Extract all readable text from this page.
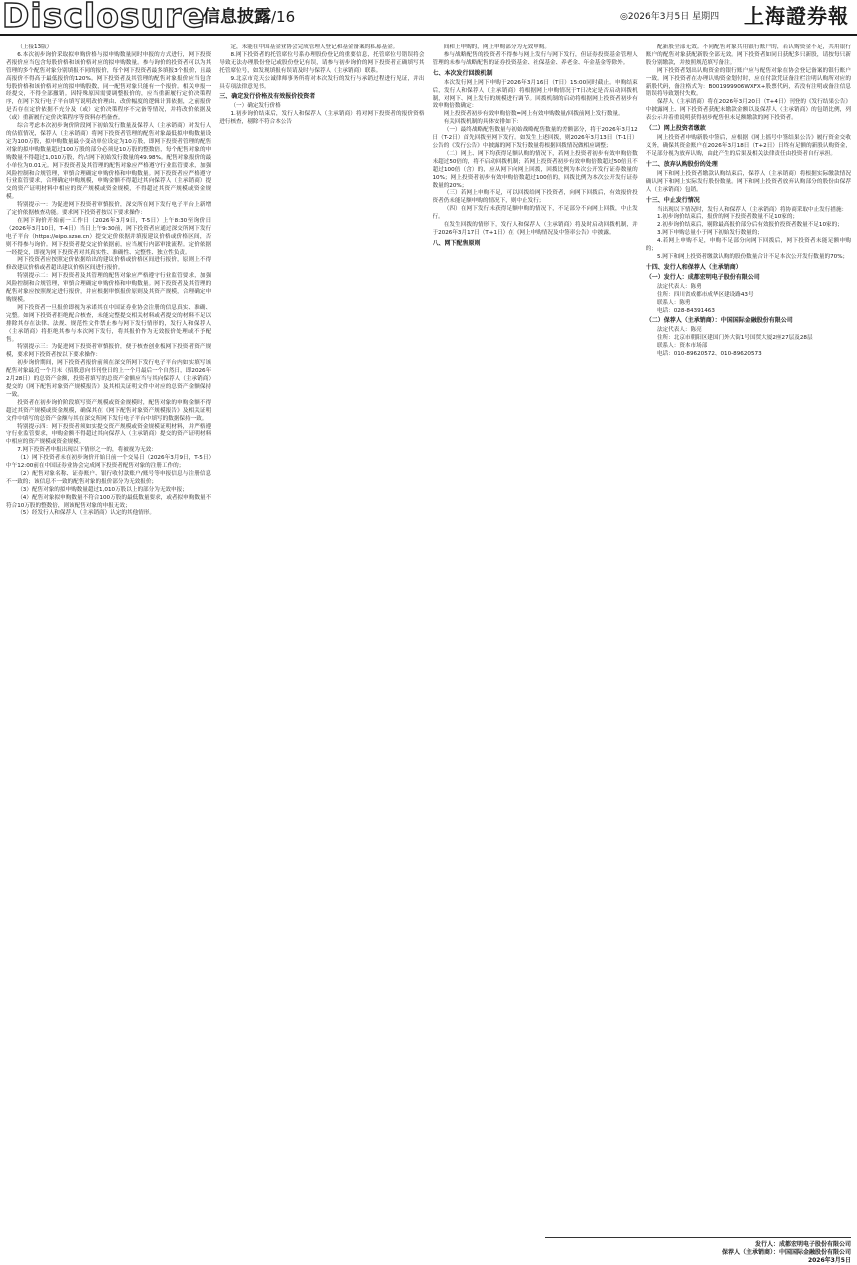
Disclosure
信息披露/16	◎2026年3月5日 星期四 上海證券報

（上接13版）

6.本次初步询价采取拟申购价格与拟申购数量同时申报的方式进行，网下投资者报价应当包含每股价格和该价格对应的拟申购数量。参与询价的投资者可以为其管理的多个配售对象分别填报不同的报价，每个网下投资者最多填报3个报价，且最高报价不得高于最低报价的120%。网下投资者及其管理的配售对象报价应当包含每股价格和该价格对应的拟申购股数，同一配售对象只能有一个报价。相关申报一经提交，不得全部撤销。因特殊原因需要调整报价的，应当重新履行定价决策程序，在网下发行电子平台填写说明改价理由、改价幅度的逻辑计算依据，之前报价是否存在定价依据不充分及（或）定价决策程序不完备等情况，并将改价依据及（或）重新履行定价决策程序等资料存档备查。

综合考虑本次初步询价阶段网下初始发行数量及保荐人（主承销商）对发行人的估值情况，保荐人（主承销商）将网下投资者管理的配售对象最低拟申购数量设定为100万股，拟申购数量最小变动单位设定为10万股，即网下投资者管理的配售对象的拟申购数量超过100万股的部分必须是10万股的整数倍，每个配售对象的申购数量不得超过1,010万股，约占网下初始发行数量的49.98%。配售对象报价的最小单位为0.01元。网下投资者及其管理的配售对象应严格遵守行业监管要求，加强风险控制和合规管理，审慎合理确定申购价格和申购数量。网下投资者应严格遵守行业监管要求，合理确定申购规模，申购金额不得超过其向保荐人（主承销商）提交的资产证明材料中相应的资产规模或资金规模，不得超过其资产规模或资金规模。

特别提示一：为促进网下投资者审慎报价，深交所在网下发行电子平台上新增了定价依据核查功能。要求网下投资者按以下要求操作：

在网下询价开始前一工作日（2026年3月9日，T-5日）上午8:30至询价日（2026年3月10日，T-4日）当日上午9:30前，网下投资者应通过深交所网下发行电子平台（https://eipo.szse.cn）提交定价依据并填报建议价格或价格区间，否则不得参与询价。网下投资者提交定价依据前，应当履行内部审批流程。定价依据一经提交，即视为网下投资者对其真实性、准确性、完整性、独立性负责。

网下投资者应按照定价依据给出的建议价格或价格区间进行报价，原则上不得修改建议价格或者超出建议价格区间进行报价。

特别提示二：网下投资者及其管理的配售对象应严格遵守行业监管要求，加强风险控制和合规管理，审慎合理确定申购价格和申购数量。网下投资者及其管理的配售对象应按照规定进行报价，并应根据审慎报价原则及其资产规模，合理确定申购规模。

网下投资者一旦报价即视为承诺其在中国证券业协会注册的信息真实、准确、完整。如网下投资者拒绝配合核查，未能完整提交相关材料或者提交的材料不足以排除其存在法律、法规、规范性文件禁止参与网下发行情形的，发行人和保荐人（主承销商）将拒绝其参与本次网下发行，将其报价作为无效报价处理或不予配售。

特别提示三：为促进网下投资者审慎报价，便于核查创业板网下投资者资产规模，要求网下投资者按以下要求操作：

初步询价期间，网下投资者报价前须在深交所网下发行电子平台内如实填写该配售对象最近一个月末（招股意向书刊登日的上一个月最后一个自然日，即2026年2月28日）的总资产金额，投资者填写的总资产金额应当与其向保荐人（主承销商）提交的《网下配售对象资产规模报告》及其相关证明文件中对应的总资产金额保持一致。

投资者在初步询价阶段填写资产规模或资金规模时，配售对象的申购金额不得超过其资产规模或资金规模，确保其在《网下配售对象资产规模报告》及相关证明文件中填写的总资产金额与其在深交所网下发行电子平台中填写的数据保持一致。

特别提示四：网下投资者须如实提交资产规模或资金规模证明材料，并严格遵守行业监管要求，申购金额不得超过其向保荐人（主承销商）提交的资产证明材料中相应的资产规模或资金规模。

7.网下投资者申报出现以下情形之一的，将被视为无效：

（1）网下投资者未在初步询价开始日前一个交易日（2026年3月9日，T-5日）中午12:00前在中国证券业协会完成网下投资者配售对象的注册工作的；

（2）配售对象名称、证券账户、银行收付款账户/账号等申报信息与注册信息不一致的；该信息不一致的配售对象的报价部分为无效报价；

（3）配售对象的拟申购数量超过1,010万股以上的部分为无效申报；

（4）配售对象拟申购数量不符合100万股的最低数量要求，或者拟申购数量不符合10万股的整数倍，则该配售对象的申报无效；

（5）经发行人和保荐人（主承销商）认定的其他情形。

定，未能在中国基金业协会完成管理人登记和基金备案的私募基金。

8.网下投资者的托管席位号系办理股份登记的重要信息，托管席位号错误将会导致无法办理股份登记或股份登记有误，请参与初步询价的网下投资者正确填写其托管席位号，如发现填报有误请及时与保荐人（主承销商）联系。

9.北京市竞天公诚律师事务所将对本次发行的发行与承销过程进行见证，并出具专项法律意见书。

三、确定发行价格及有效报价投资者

（一）确定发行价格

1.初步询价结束后，发行人和保荐人（主承销商）将对网下投资者的报价资格进行核查，剔除不符合本公告

间和上申购的，网上申购部分为无效申购。

参与战略配售的投资者不得参与网上发行与网下发行，但证券投资基金管理人管理的未参与战略配售的证券投资基金、社保基金、养老金、年金基金等除外。

七、本次发行回拨机制

本次发行网上网下申购于2026年3月16日（T日）15:00同时截止。申购结束后，发行人和保荐人（主承销商）将根据网上申购情况于T日决定是否启动回拨机制，对网下、网上发行的规模进行调节。回拨机制的启动将根据网上投资者初步有效申购倍数确定：

网上投资者初步有效申购倍数=网上有效申购数量/回拨前网上发行数量。

有关回拨机制的具体安排如下：

（一）最终战略配售数量与初始战略配售数量的差额部分，将于2026年3月12日（T-2日）首先回拨至网下发行。如发生上述回拨，则2026年3月13日（T-1日）公告的《发行公告》中披露的网下发行数量将根据回拨情况做相应调整；

（二）网上、网下均获得足额认购的情况下，若网上投资者初步有效申购倍数未超过50倍的，将不启动回拨机制；若网上投资者初步有效申购倍数超过50倍且不超过100倍（含）的，应从网下向网上回拨，回拨比例为本次公开发行证券数量的10%；网上投资者初步有效申购倍数超过100倍的，回拨比例为本次公开发行证券数量的20%；

（三）若网上申购不足，可以回拨给网下投资者，向网下回拨后，有效报价投资者仍未能足额申购的情况下，则中止发行；

（四）在网下发行未获得足额申购的情况下，不足部分不向网上回拨，中止发行。

在发生回拨的情形下，发行人和保荐人（主承销商）将及时启动回拨机制，并于2026年3月17日（T+1日）在《网上申购情况及中签率公告》中披露。

八、网下配售原则

配新股全部无效。不同配售对象共用银行账户的，若认购资金不足，共用银行账户的配售对象获配新股全部无效。网下投资者如同日获配多只新股，请按每只新股分别缴款，并按照规范填写备注。

网下投资者划出认购资金的银行账户应与配售对象在协会登记备案的银行账户一致。网下投资者在办理认购资金划付时，应在付款凭证备注栏注明认购所对应的新股代码，备注格式为：B001999906WXFX+股票代码，若没有注明或备注信息错误将导致划付失败。

保荐人（主承销商）将在2026年3月20日（T+4日）刊登的《发行结果公告》中披露网上、网下投资者获配未缴款金额以及保荐人（主承销商）的包销比例，列表公示并着重说明获得初步配售但未足额缴款的网下投资者。

（二）网上投资者缴款

网上投资者申购新股中签后，应根据《网上摇号中签结果公告》履行资金交收义务，确保其资金账户在2026年3月18日（T+2日）日终有足额的新股认购资金，不足部分视为放弃认购，由此产生的后果及相关法律责任由投资者自行承担。

十二、放弃认购股份的处理

网下和网上投资者缴款认购结束后，保荐人（主承销商）将根据实际缴款情况确认网下和网上实际发行股份数量。网下和网上投资者放弃认购部分的股份由保荐人（主承销商）包销。

十三、中止发行情况

当出现以下情况时，发行人和保荐人（主承销商）将协商采取中止发行措施：

1.初步询价结束后，报价的网下投资者数量不足10家的；

2.初步询价结束后，剔除最高报价部分后有效报价投资者数量不足10家的；

3.网下申购总量小于网下初始发行数量的；

4.若网上申购不足，申购不足部分向网下回拨后，网下投资者未能足额申购的；

5.网下和网上投资者缴款认购的股份数量合计不足本次公开发行数量的70%；

十四、发行人和保荐人（主承销商）
（一）发行人：成都宏明电子股份有限公司

法定代表人：陈勇

住所：四川省成都市成华区建设路43号

联系人：陈勇

电话：028-84391463

（二）保荐人（主承销商）：中国国际金融股份有限公司

法定代表人：陈亮

住所：北京市朝阳区建国门外大街1号国贸大厦2座27层及28层

联系人：资本市场部

电话：010-89620572、010-89620573

发行人：成都宏明电子股份有限公司
保荐人（主承销商）：中国国际金融股份有限公司
2026年3月5日
